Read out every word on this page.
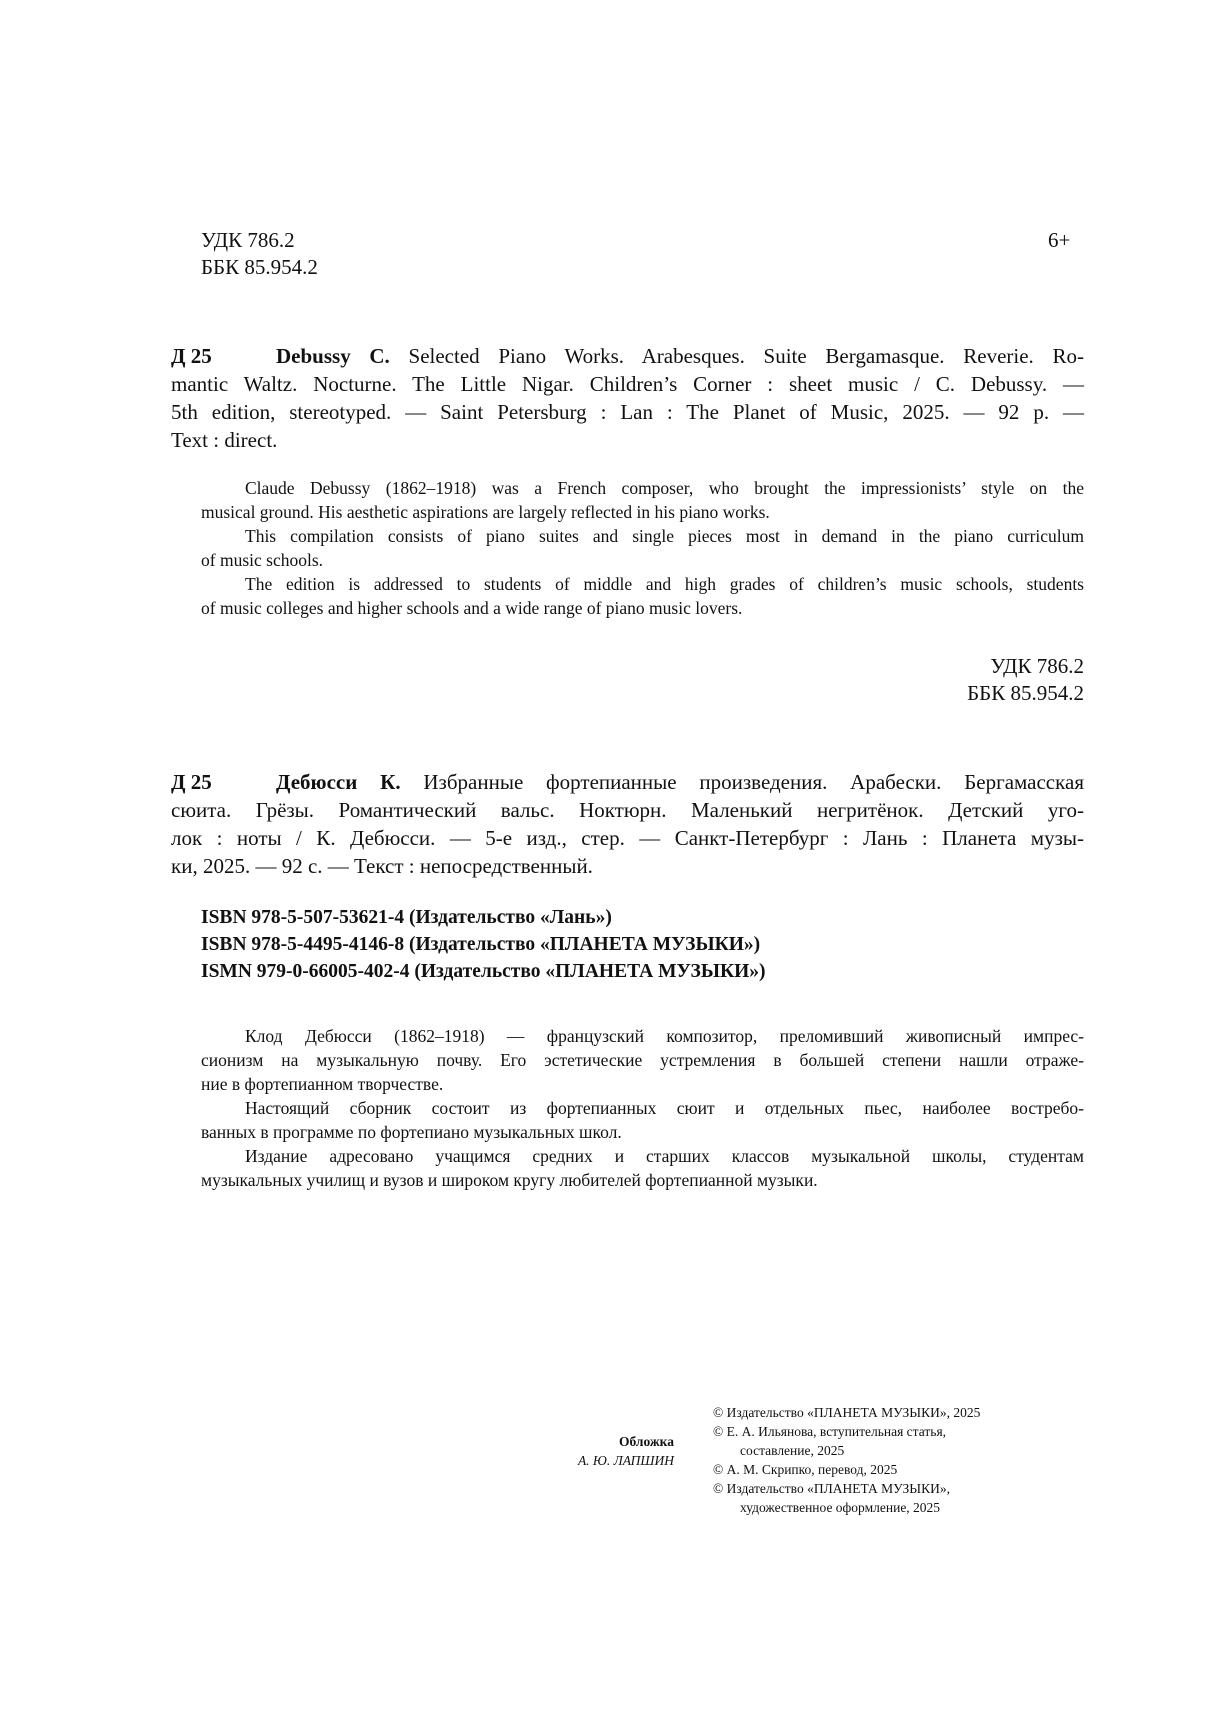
УДК 786.2
ББК 85.954.2
6+
Д 25	Debussy C. Selected Piano Works. Arabesques. Suite Bergamasque. Reverie. Ro-
mantic Waltz. Nocturne. The Little Nigar. Children’s Corner : sheet music / C. Debussy. —
5th edition, stereotyped. — Saint Petersburg : Lan : The Planet of Music, 2025. — 92 p. —
Text : direct.
Claude Debussy (1862–1918) was a French composer, who brought the impressionists’ style on the
musical ground. His aesthetic aspirations are largely reflected in his piano works.
This compilation consists of piano suites and single pieces most in demand in the piano curriculum
of music schools.
The edition is addressed to students of middle and high grades of children’s music schools, students
of music colleges and higher schools and a wide range of piano music lovers.
УДК 786.2
ББК 85.954.2
Д 25	Дебюсси К. Избранные фортепианные произведения. Арабески. Бергамасская
сюита. Грёзы. Романтический вальс. Ноктюрн. Маленький негритёнок. Детский уго-
лок : ноты / К. Дебюсси. — 5-е изд., стер. — Санкт-Петербург : Лань : Планета музы-
ки, 2025. — 92 с. — Текст : непосредственный.
ISBN 978-5-507-53621-4 (Издательство «Лань»)
ISBN 978-5-4495-4146-8 (Издательство «ПЛАНЕТА МУЗЫКИ»)
ISMN 979-0-66005-402-4 (Издательство «ПЛАНЕТА МУЗЫКИ»)
Клод Дебюсси (1862–1918) — французский композитор, преломивший живописный импрес-
сионизм на музыкальную почву. Его эстетические устремления в большей степени нашли отраже-
ние в фортепианном творчестве.
Настоящий сборник состоит из фортепианных сюит и отдельных пьес, наиболее востребо-
ванных в программе по фортепиано музыкальных школ.
Издание адресовано учащимся средних и старших классов музыкальной школы, студентам
музыкальных училищ и вузов и широком кругу любителей фортепианной музыки.
Обложка
А. Ю. ЛАПШИН
© Издательство «ПЛАНЕТА МУЗЫКИ», 2025
© Е. А. Ильянова, вступительная статья,
составление, 2025
© А. М. Скрипко, перевод, 2025
© Издательство «ПЛАНЕТА МУЗЫКИ»,
художественное оформление, 2025
